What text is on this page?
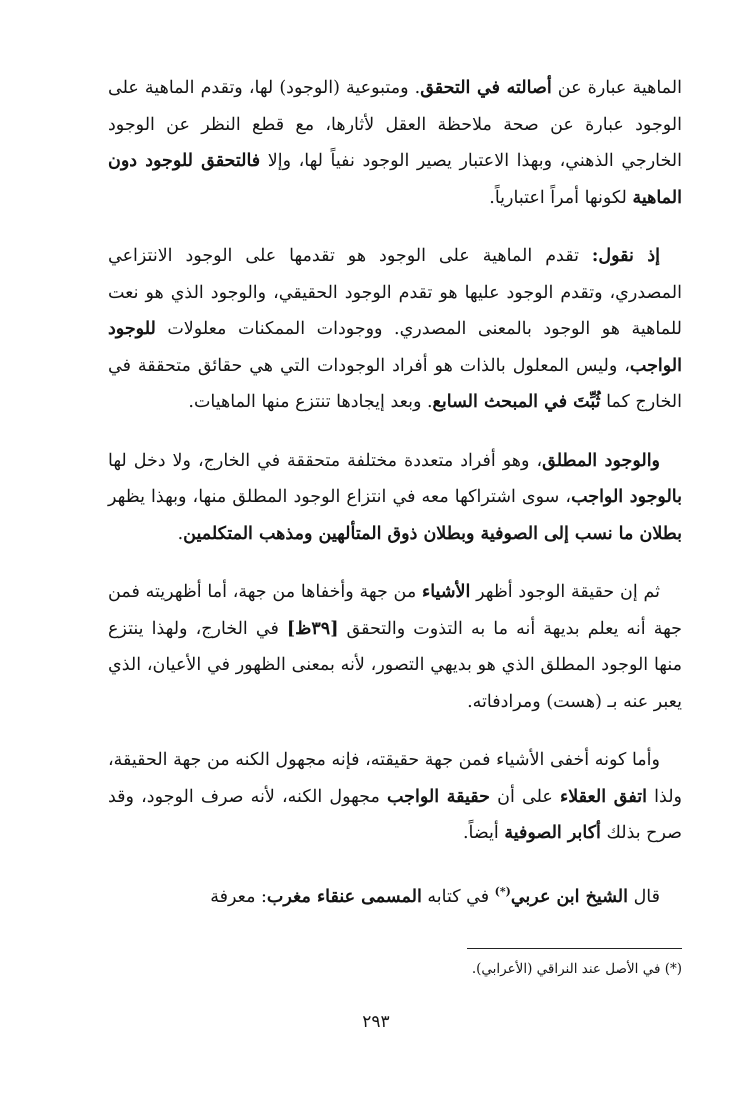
الماهية عبارة عن أصالته في التحقق. ومتبوعية (الوجود) لها، وتقدم الماهية على الوجود عبارة عن صحة ملاحظة العقل لأثارها، مع قطع النظر عن الوجود الخارجي الذهني، وبهذا الاعتبار يصير الوجود نفياً لها، وإلا فالتحقق للوجود دون الماهية لكونها أمراً اعتبارياً.

إذ نقول: تقدم الماهية على الوجود هو تقدمها على الوجود الانتزاعي المصدري، وتقدم الوجود عليها هو تقدم الوجود الحقيقي، والوجود الذي هو نعت للماهية هو الوجود بالمعنى المصدري. ووجودات الممكنات معلولات للوجود الواجب، وليس المعلول بالذات هو أفراد الوجودات التي هي حقائق متحققة في الخارج كما ثُبِّتَ في المبحث السابع. وبعد إيجادها تنتزع منها الماهيات.

والوجود المطلق، وهو أفراد متعددة مختلفة متحققة في الخارج، ولا دخل لها بالوجود الواجب، سوى اشتراكها معه في انتزاع الوجود المطلق منها، وبهذا يظهر بطلان ما نسب إلى الصوفية وبطلان ذوق المتألهين ومذهب المتكلمين.

ثم إن حقيقة الوجود أظهر الأشياء من جهة وأخفاها من جهة، أما أظهريته فمن جهة أنه يعلم بديهة أنه ما به التذوت والتحقق [٣٩ظ] في الخارج، ولهذا ينتزع منها الوجود المطلق الذي هو بديهي التصور، لأنه بمعنى الظهور في الأعيان، الذي يعبر عنه بـ (هست) ومرادفاته.

وأما كونه أخفى الأشياء فمن جهة حقيقته، فإنه مجهول الكنه من جهة الحقيقة، ولذا اتفق العقلاء على أن حقيقة الواجب مجهول الكنه، لأنه صرف الوجود، وقد صرح بذلك أكابر الصوفية أيضاً.

قال الشيخ ابن عربي(*) في كتابه المسمى عنقاء مغرب: معرفة

(*) في الأصل عند النراقي (الأعرابي).
٢٩٣
